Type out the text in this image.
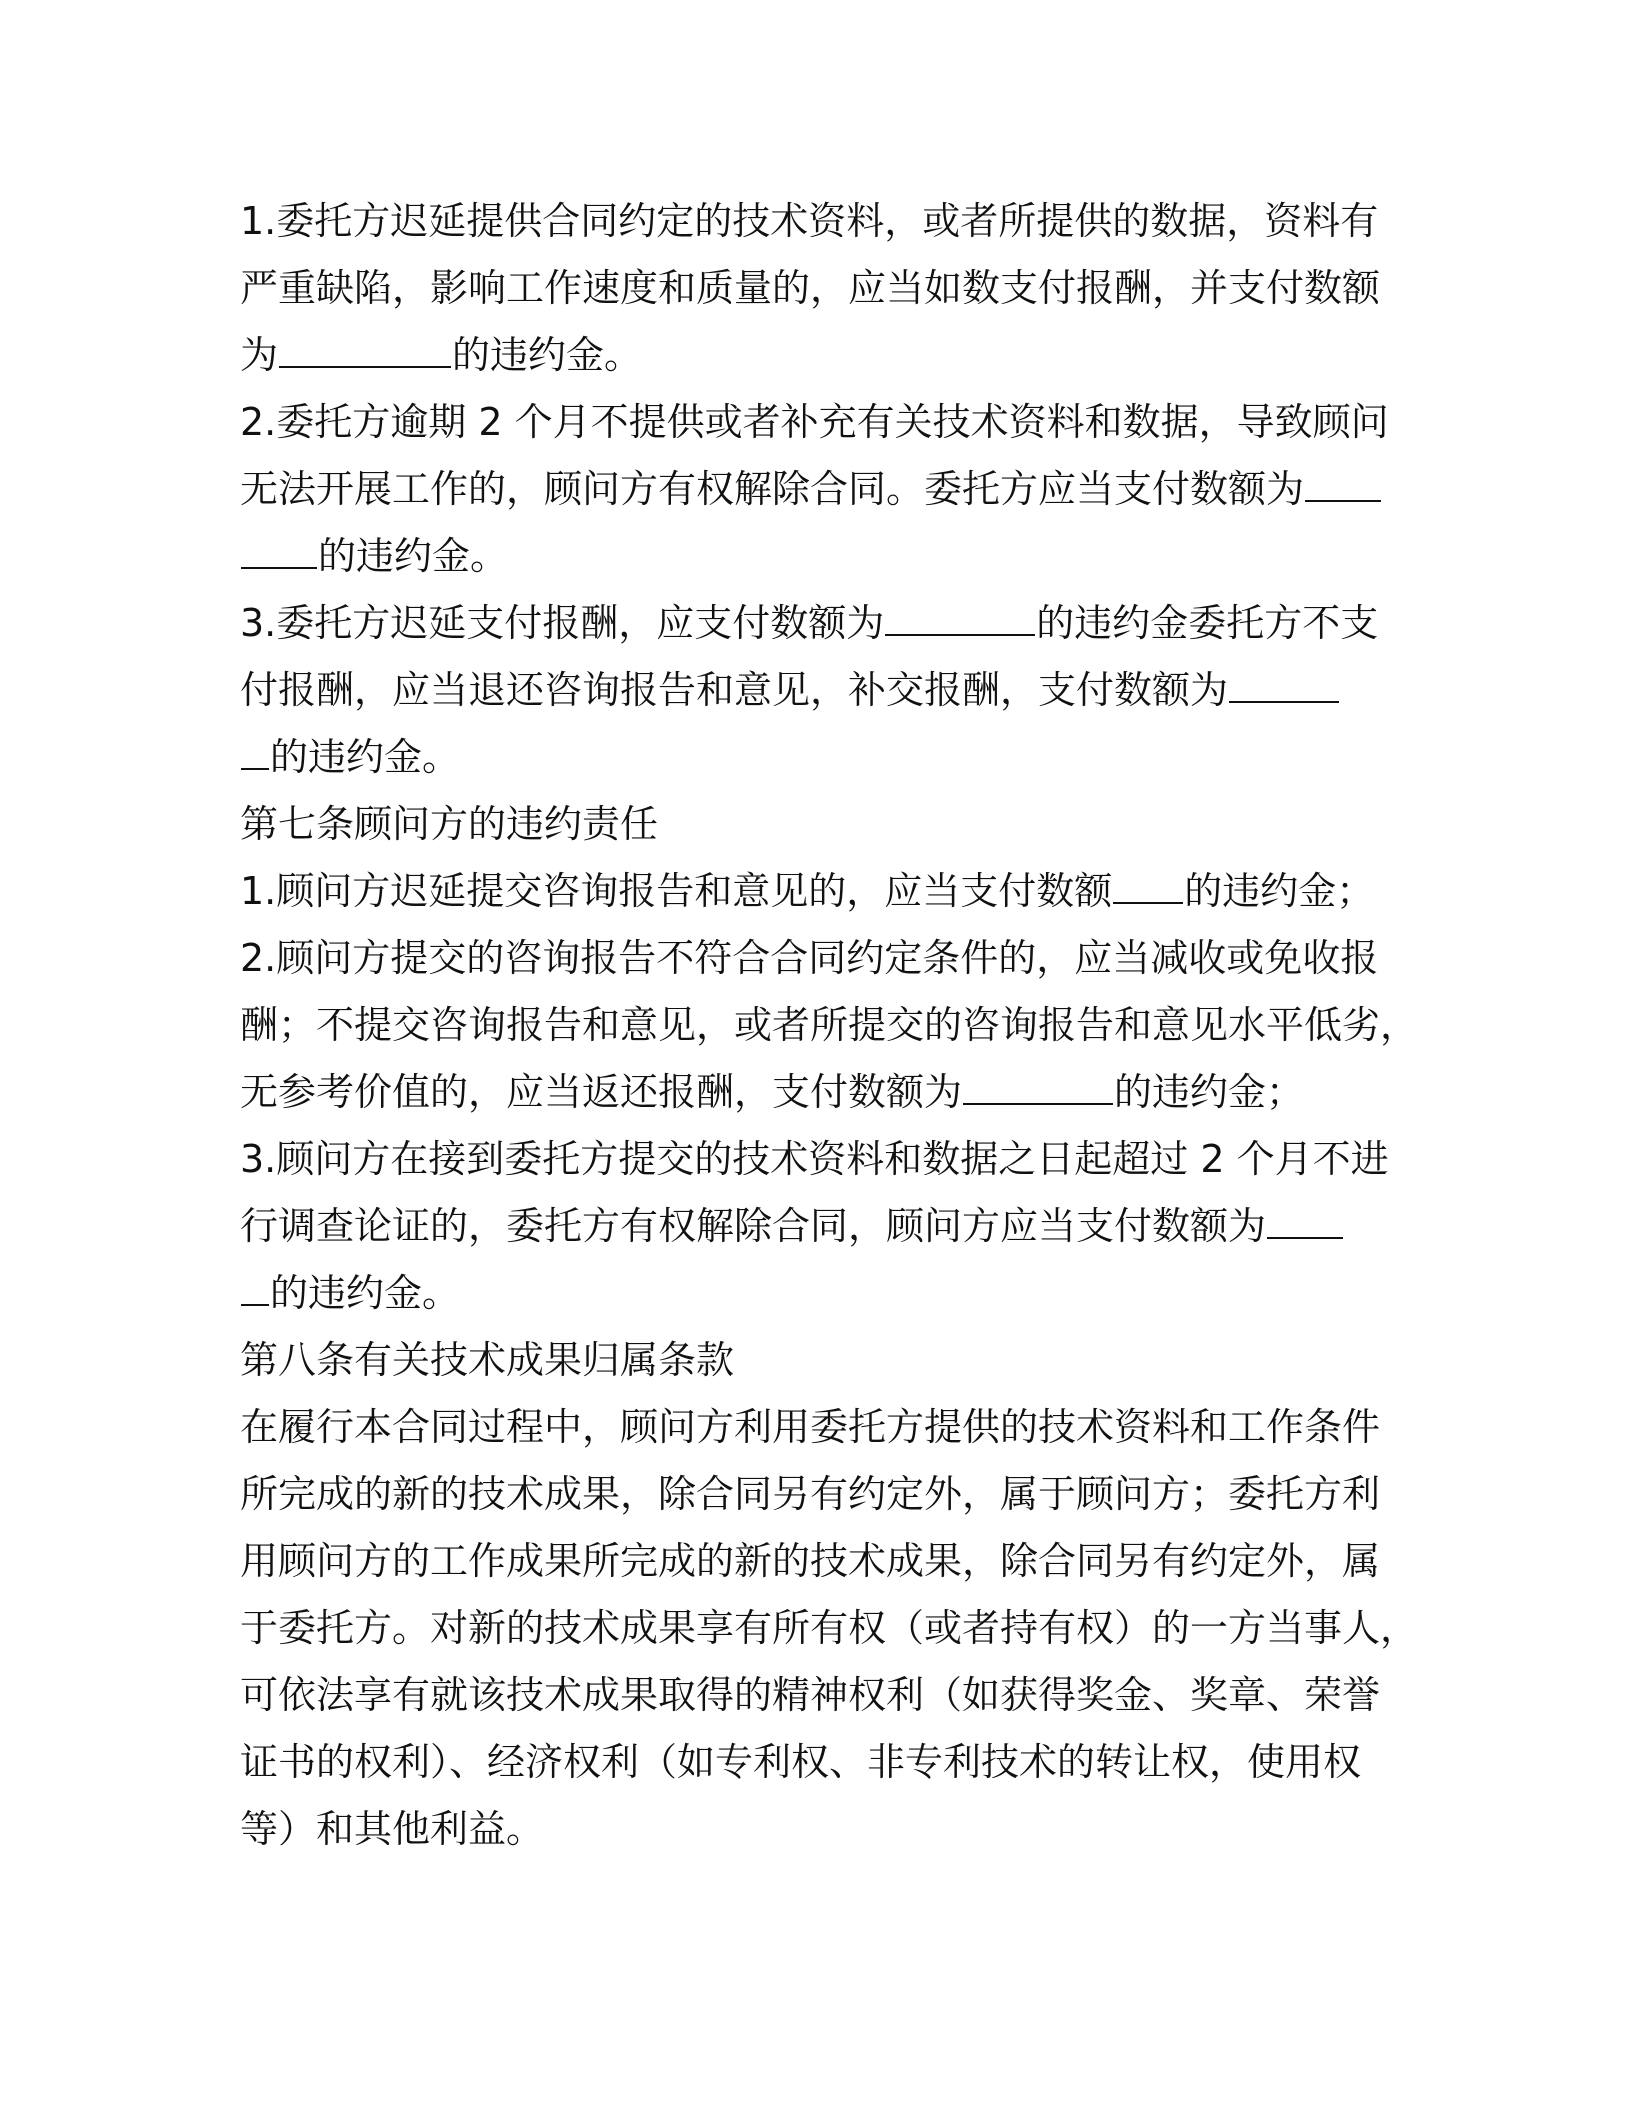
1.委托方迟延提供合同约定的技术资料，或者所提供的数据，资料有
严重缺陷，影响工作速度和质量的，应当如数支付报酬，并支付数额
为	的违约金。
2.委托方逾期 2 个月不提供或者补充有关技术资料和数据，导致顾问
无法开展工作的，顾问方有权解除合同。委托方应当支付数额为
的违约金。
3.委托方迟延支付报酬，应支付数额为	的违约金委托方不支
付报酬，应当退还咨询报告和意见，补交报酬，支付数额为
的违约金。
第七条顾问方的违约责任
1.顾问方迟延提交咨询报告和意见的，应当支付数额 的违约金；
2.顾问方提交的咨询报告不符合合同约定条件的，应当减收或免收报
酬；不提交咨询报告和意见，或者所提交的咨询报告和意见水平低劣，
无参考价值的，应当返还报酬，支付数额为	的违约金；
3.顾问方在接到委托方提交的技术资料和数据之日起超过 2 个月不进
行调查论证的，委托方有权解除合同，顾问方应当支付数额为
的违约金。
第八条有关技术成果归属条款
在履行本合同过程中，顾问方利用委托方提供的技术资料和工作条件
所完成的新的技术成果，除合同另有约定外，属于顾问方；委托方利
用顾问方的工作成果所完成的新的技术成果，除合同另有约定外，属
于委托方。对新的技术成果享有所有权（或者持有权）的一方当事人，
可依法享有就该技术成果取得的精神权利（如获得奖金、奖章、荣誉
证书的权利）、经济权利（如专利权、非专利技术的转让权，使用权
等）和其他利益。
